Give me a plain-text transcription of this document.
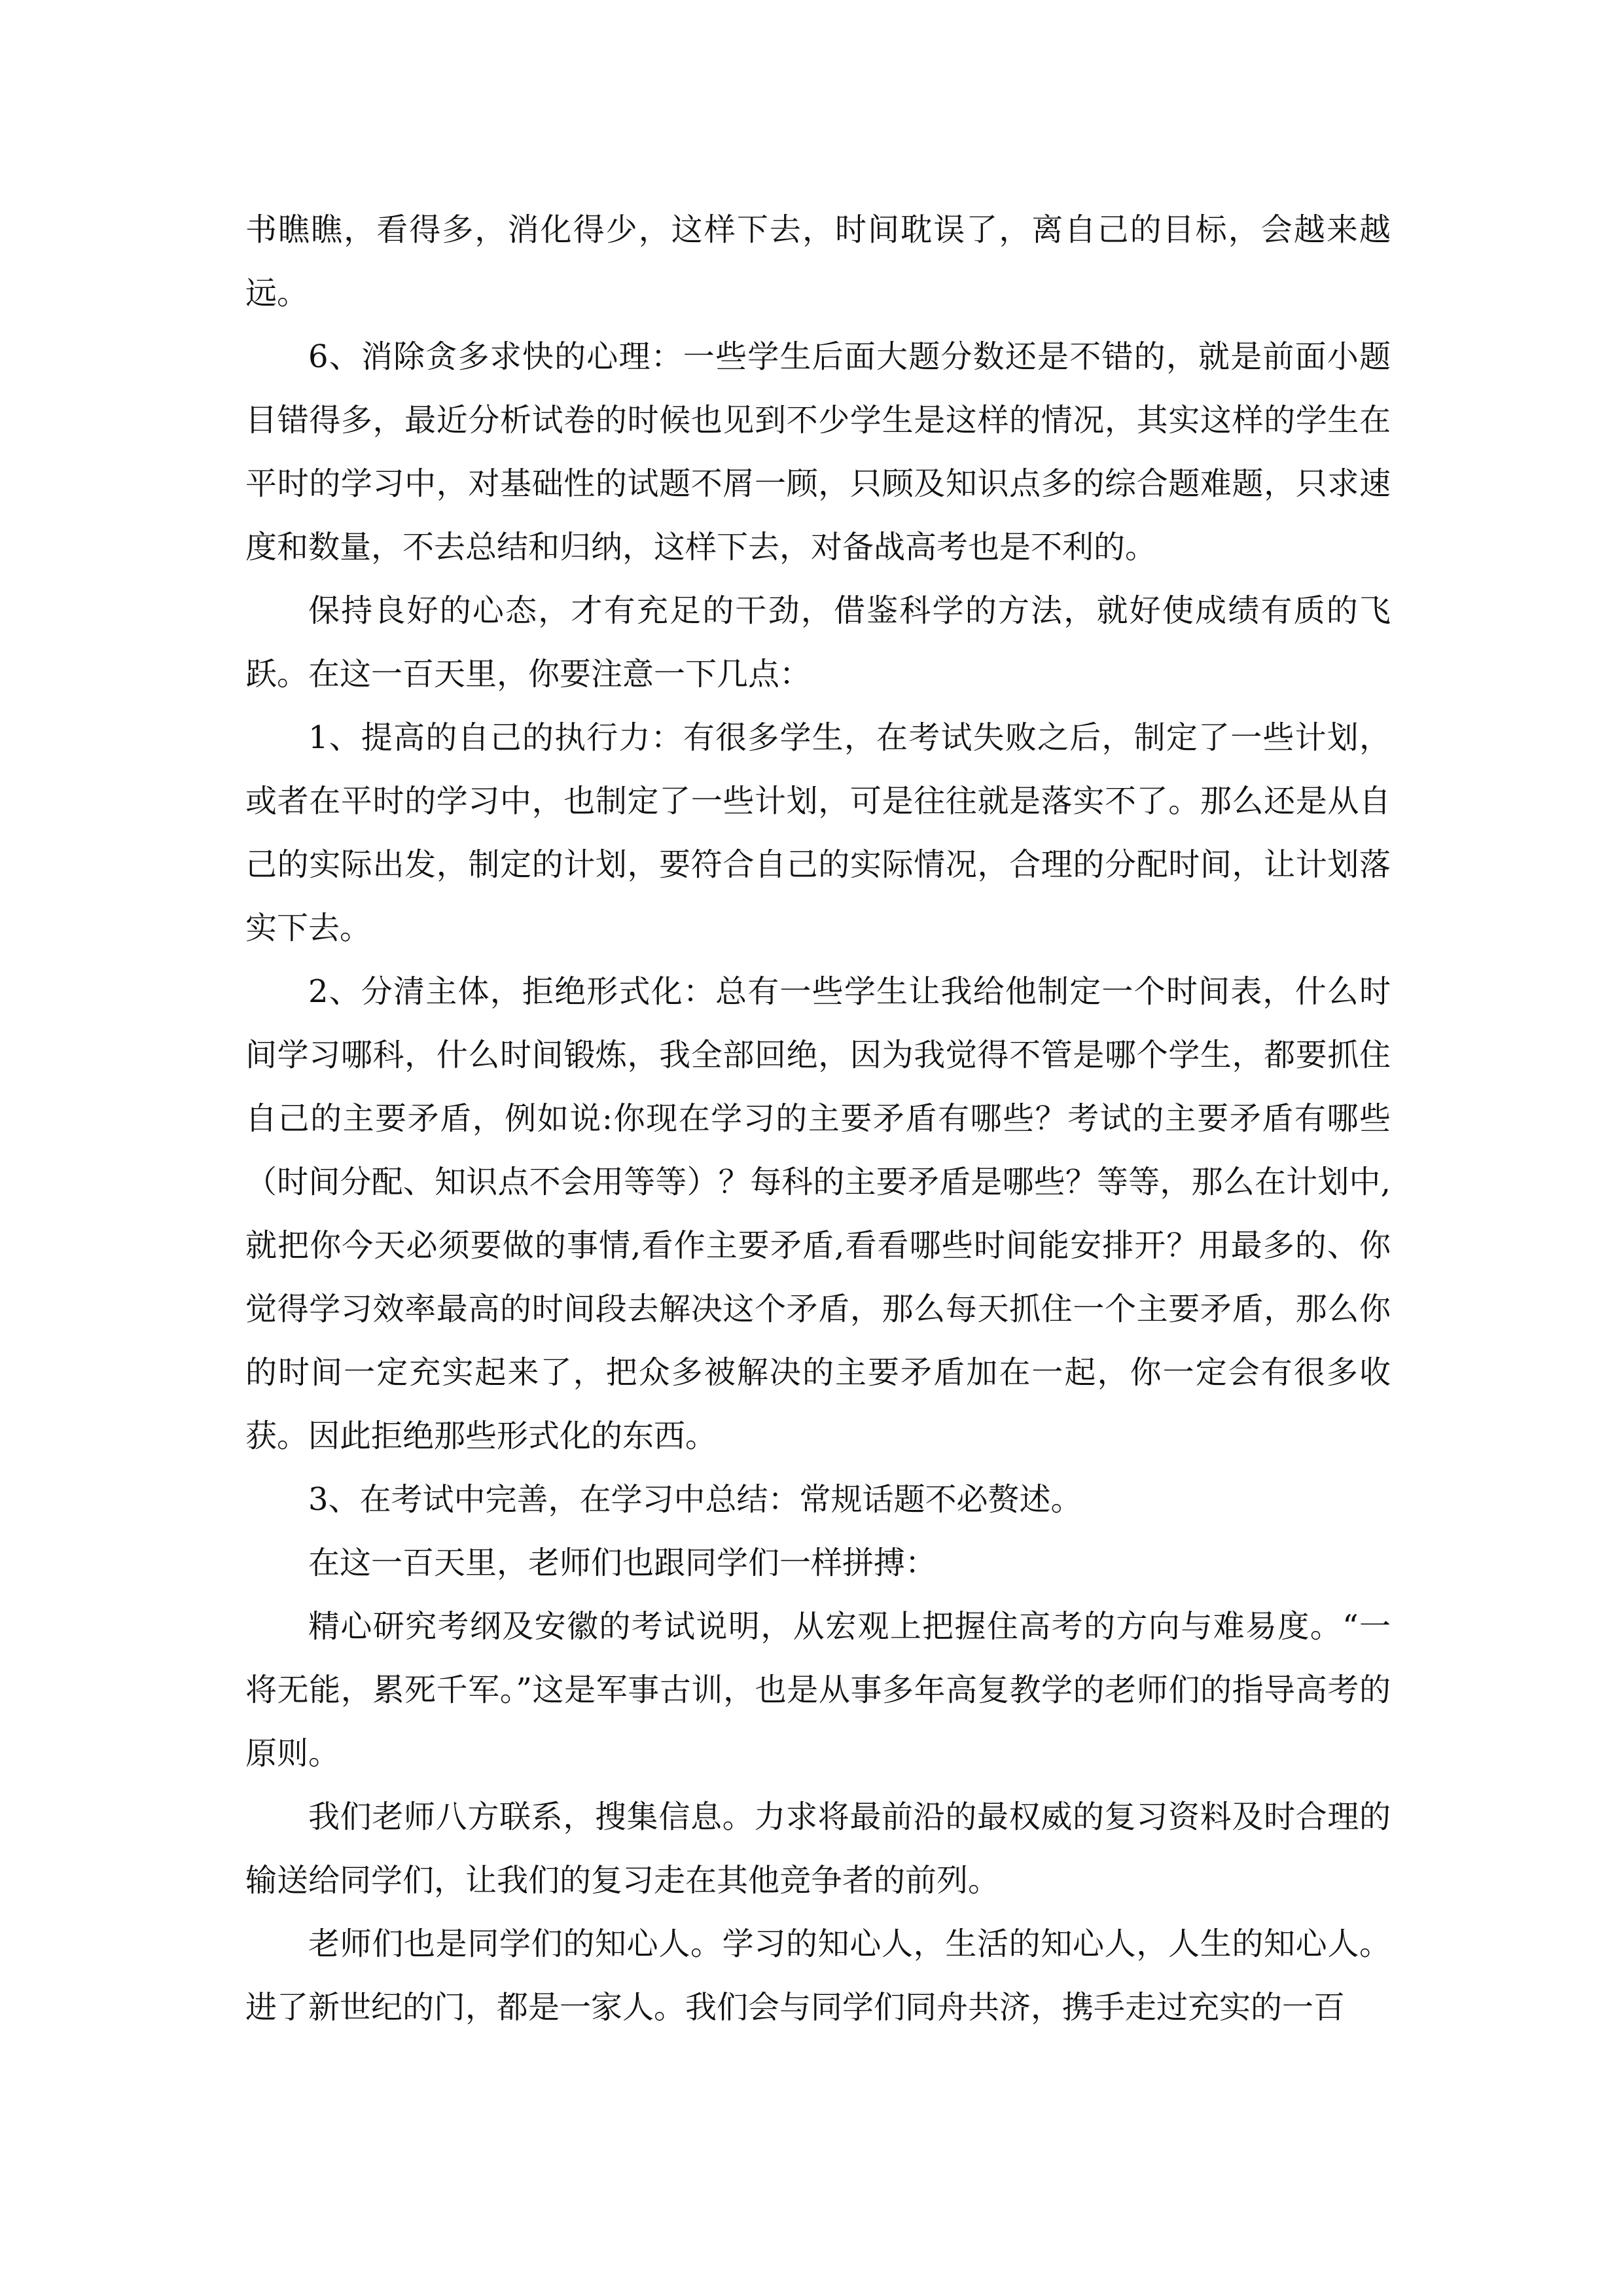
书瞧瞧，看得多，消化得少，这样下去，时间耽误了，离自己的目标，会越来越远。

6、消除贪多求快的心理：一些学生后面大题分数还是不错的，就是前面小题目错得多，最近分析试卷的时候也见到不少学生是这样的情况，其实这样的学生在平时的学习中，对基础性的试题不屑一顾，只顾及知识点多的综合题难题，只求速度和数量，不去总结和归纳，这样下去，对备战高考也是不利的。

保持良好的心态，才有充足的干劲，借鉴科学的方法，就好使成绩有质的飞跃。在这一百天里，你要注意一下几点：

1、提高的自己的执行力：有很多学生，在考试失败之后，制定了一些计划，或者在平时的学习中，也制定了一些计划，可是往往就是落实不了。那么还是从自己的实际出发，制定的计划，要符合自己的实际情况，合理的分配时间，让计划落实下去。

2、分清主体，拒绝形式化：总有一些学生让我给他制定一个时间表，什么时间学习哪科，什么时间锻炼，我全部回绝，因为我觉得不管是哪个学生，都要抓住自己的主要矛盾，例如说:你现在学习的主要矛盾有哪些？考试的主要矛盾有哪些（时间分配、知识点不会用等等）？每科的主要矛盾是哪些？等等，那么在计划中,就把你今天必须要做的事情,看作主要矛盾,看看哪些时间能安排开？用最多的、你觉得学习效率最高的时间段去解决这个矛盾，那么每天抓住一个主要矛盾，那么你的时间一定充实起来了，把众多被解决的主要矛盾加在一起，你一定会有很多收获。因此拒绝那些形式化的东西。

3、在考试中完善，在学习中总结：常规话题不必赘述。

在这一百天里，老师们也跟同学们一样拼搏：

精心研究考纲及安徽的考试说明，从宏观上把握住高考的方向与难易度。“一将无能，累死千军。”这是军事古训，也是从事多年高复教学的老师们的指导高考的原则。

我们老师八方联系，搜集信息。力求将最前沿的最权威的复习资料及时合理的输送给同学们，让我们的复习走在其他竞争者的前列。

老师们也是同学们的知心人。学习的知心人，生活的知心人，人生的知心人。进了新世纪的门，都是一家人。我们会与同学们同舟共济，携手走过充实的一百
